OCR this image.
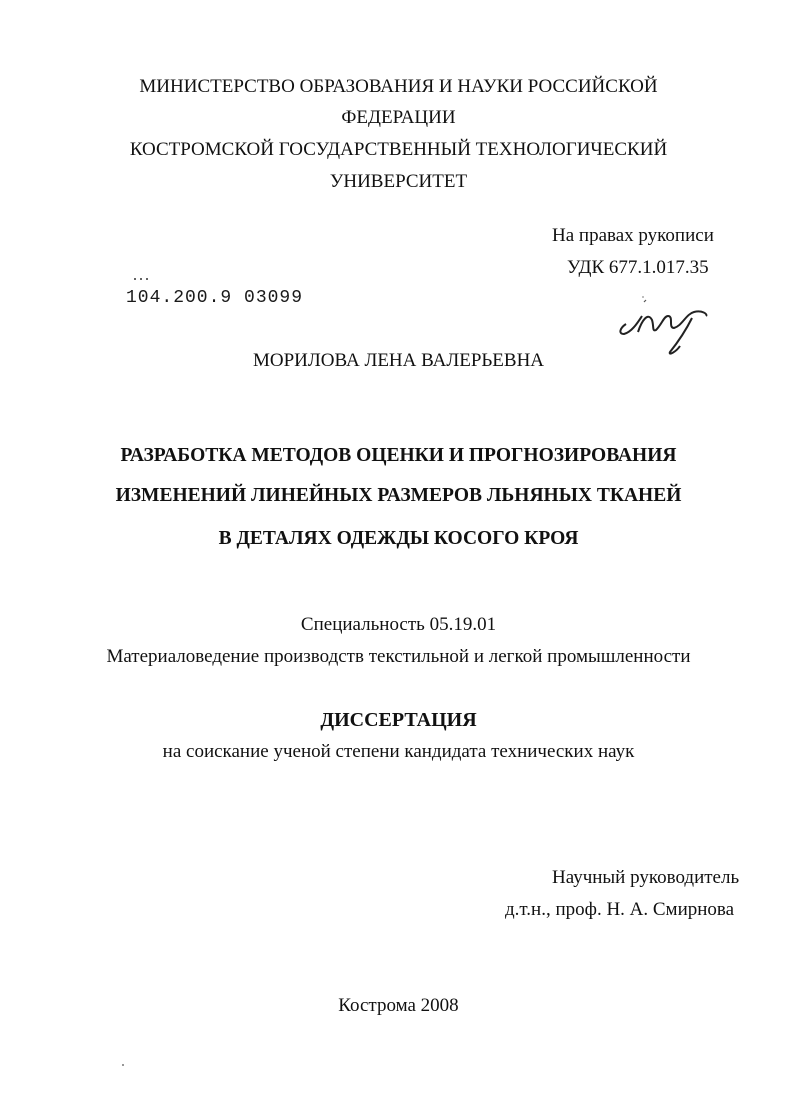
МИНИСТЕРСТВО ОБРАЗОВАНИЯ И НАУКИ РОССИЙСКОЙ
ФЕДЕРАЦИИ
КОСТРОМСКОЙ ГОСУДАРСТВЕННЫЙ ТЕХНОЛОГИЧЕСКИЙ
УНИВЕРСИТЕТ
На правах рукописи
УДК 677.1.017.35
104.200.9 03099
МОРИЛОВА ЛЕНА ВАЛЕРЬЕВНА
РАЗРАБОТКА МЕТОДОВ ОЦЕНКИ И ПРОГНОЗИРОВАНИЯ
ИЗМЕНЕНИЙ ЛИНЕЙНЫХ РАЗМЕРОВ ЛЬНЯНЫХ ТКАНЕЙ
В ДЕТАЛЯХ ОДЕЖДЫ КОСОГО КРОЯ
Специальность 05.19.01
Материаловедение производств текстильной и легкой промышленности
ДИССЕРТАЦИЯ
на соискание ученой степени кандидата технических наук
Научный руководитель
д.т.н., проф. Н. А. Смирнова
Кострома 2008
